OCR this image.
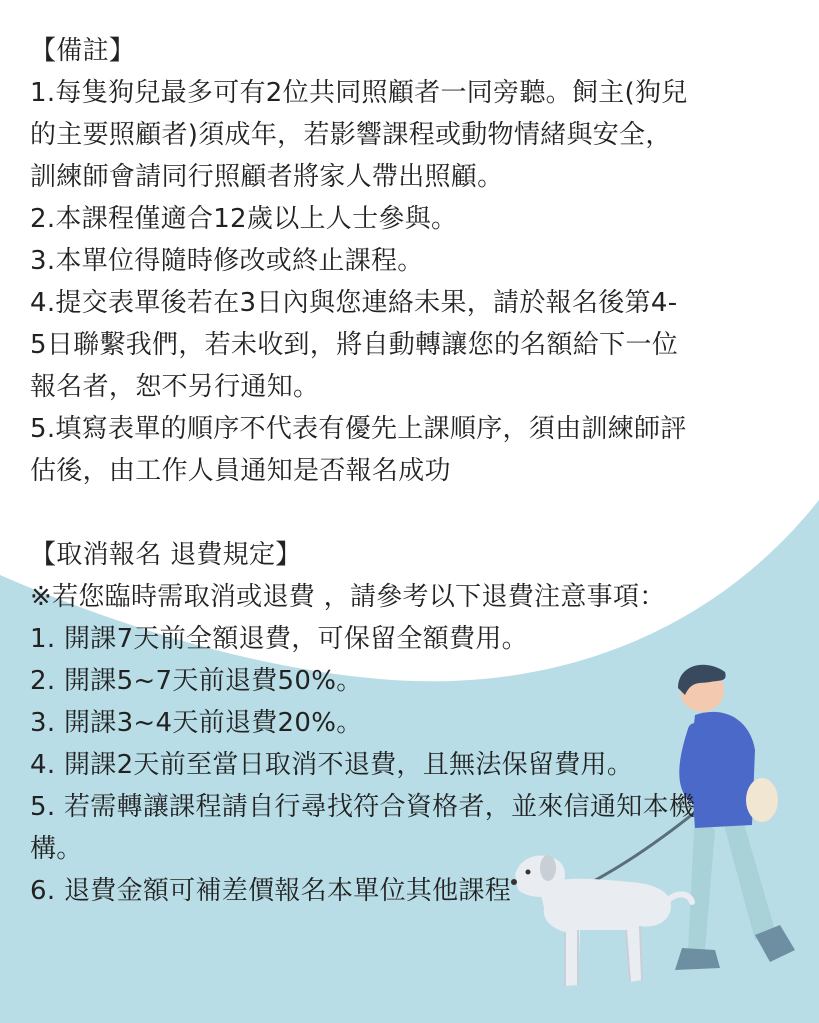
【備註】
1.每隻狗兒最多可有2位共同照顧者一同旁聽。飼主(狗兒
的主要照顧者)須成年，若影響課程或動物情緒與安全，
訓練師會請同行照顧者將家人帶出照顧。
2.本課程僅適合12歲以上人士參與。
3.本單位得隨時修改或終止課程。
4.提交表單後若在3日內與您連絡未果，請於報名後第4-
5日聯繫我們，若未收到，將自動轉讓您的名額給下一位
報名者，恕不另行通知。
5.填寫表單的順序不代表有優先上課順序，須由訓練師評
估後，由工作人員通知是否報名成功
【取消報名 退費規定】
※若您臨時需取消或退費 ，請參考以下退費注意事項：
1. 開課7天前全額退費，可保留全額費用。
2. 開課5~7天前退費50%。
3. 開課3~4天前退費20%。
4. 開課2天前至當日取消不退費，且無法保留費用。
5. 若需轉讓課程請自行尋找符合資格者，並來信通知本機
構。
6. 退費金額可補差價報名本單位其他課程
